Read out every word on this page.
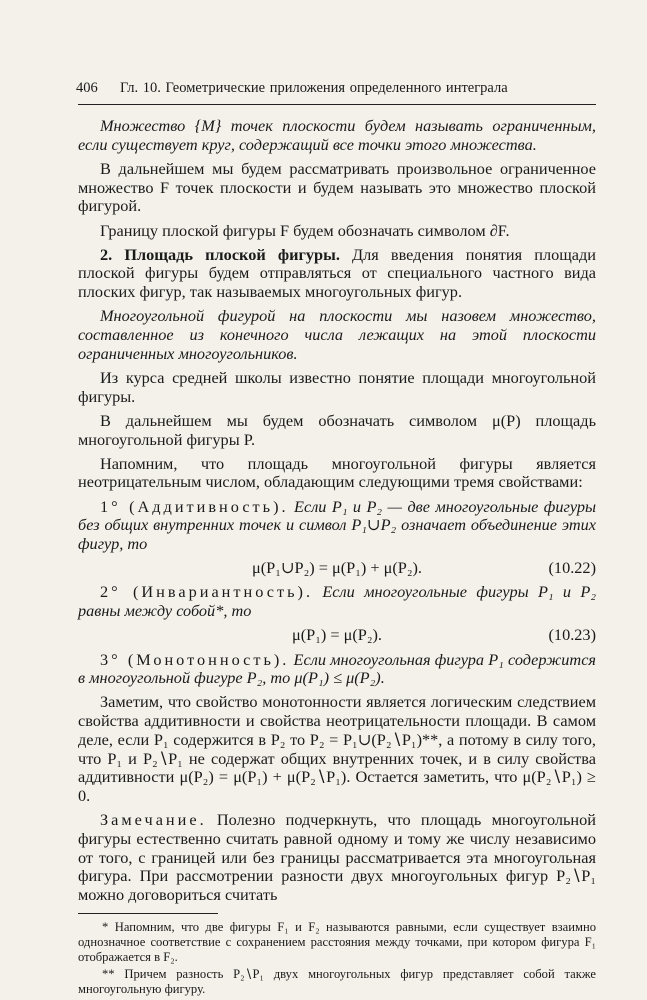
406 Гл. 10. Геометрические приложения определенного интеграла

Множество {M} точек плоскости будем называть ограниченным, если существует круг, содержащий все точки этого множества.

В дальнейшем мы будем рассматривать произвольное ограниченное множество F точек плоскости и будем называть это множество плоской фигурой.

Границу плоской фигуры F будем обозначать символом ∂F.

2. Площадь плоской фигуры. Для введения понятия площади плоской фигуры будем отправляться от специального частного вида плоских фигур, так называемых многоугольных фигур.

Многоугольной фигурой на плоскости мы назовем множество, составленное из конечного числа лежащих на этой плоскости ограниченных многоугольников.

Из курса средней школы известно понятие площади многоугольной фигуры.

В дальнейшем мы будем обозначать символом μ(P) площадь многоугольной фигуры P.

Напомним, что площадь многоугольной фигуры является неотрицательным числом, обладающим следующими тремя свойствами:

1° (Аддитивность). Если P₁ и P₂ — две многоугольные фигуры без общих внутренних точек и символ P₁∪P₂ означает объединение этих фигур, то

μ(P₁∪P₂) = μ(P₁) + μ(P₂).	(10.22)

2° (Инвариантность). Если многоугольные фигуры P₁ и P₂ равны между собой*, то

μ(P₁) = μ(P₂).	(10.23)

3° (Монотонность). Если многоугольная фигура P₁ содержится в многоугольной фигуре P₂, то μ(P₁) ≤ μ(P₂).

Заметим, что свойство монотонности является логическим следствием свойства аддитивности и свойства неотрицательности площади. В самом деле, если P₁ содержится в P₂ то P₂ = P₁∪(P₂∖P₁)**, а потому в силу того, что P₁ и P₂∖P₁ не содержат общих внутренних точек, и в силу свойства аддитивности μ(P₂) = μ(P₁) + μ(P₂∖P₁). Остается заметить, что μ(P₂∖P₁) ≥ 0.

Замечание. Полезно подчеркнуть, что площадь многоугольной фигуры естественно считать равной одному и тому же числу независимо от того, с границей или без границы рассматривается эта многоугольная фигура. При рассмотрении разности двух многоугольных фигур P₂∖P₁ можно договориться считать

* Напомним, что две фигуры F₁ и F₂ называются равными, если существует взаимно однозначное соответствие с сохранением расстояния между точками, при котором фигура F₁ отображается в F₂.

** Причем разность P₂∖P₁ двух многоугольных фигур представляет собой также многоугольную фигуру.
